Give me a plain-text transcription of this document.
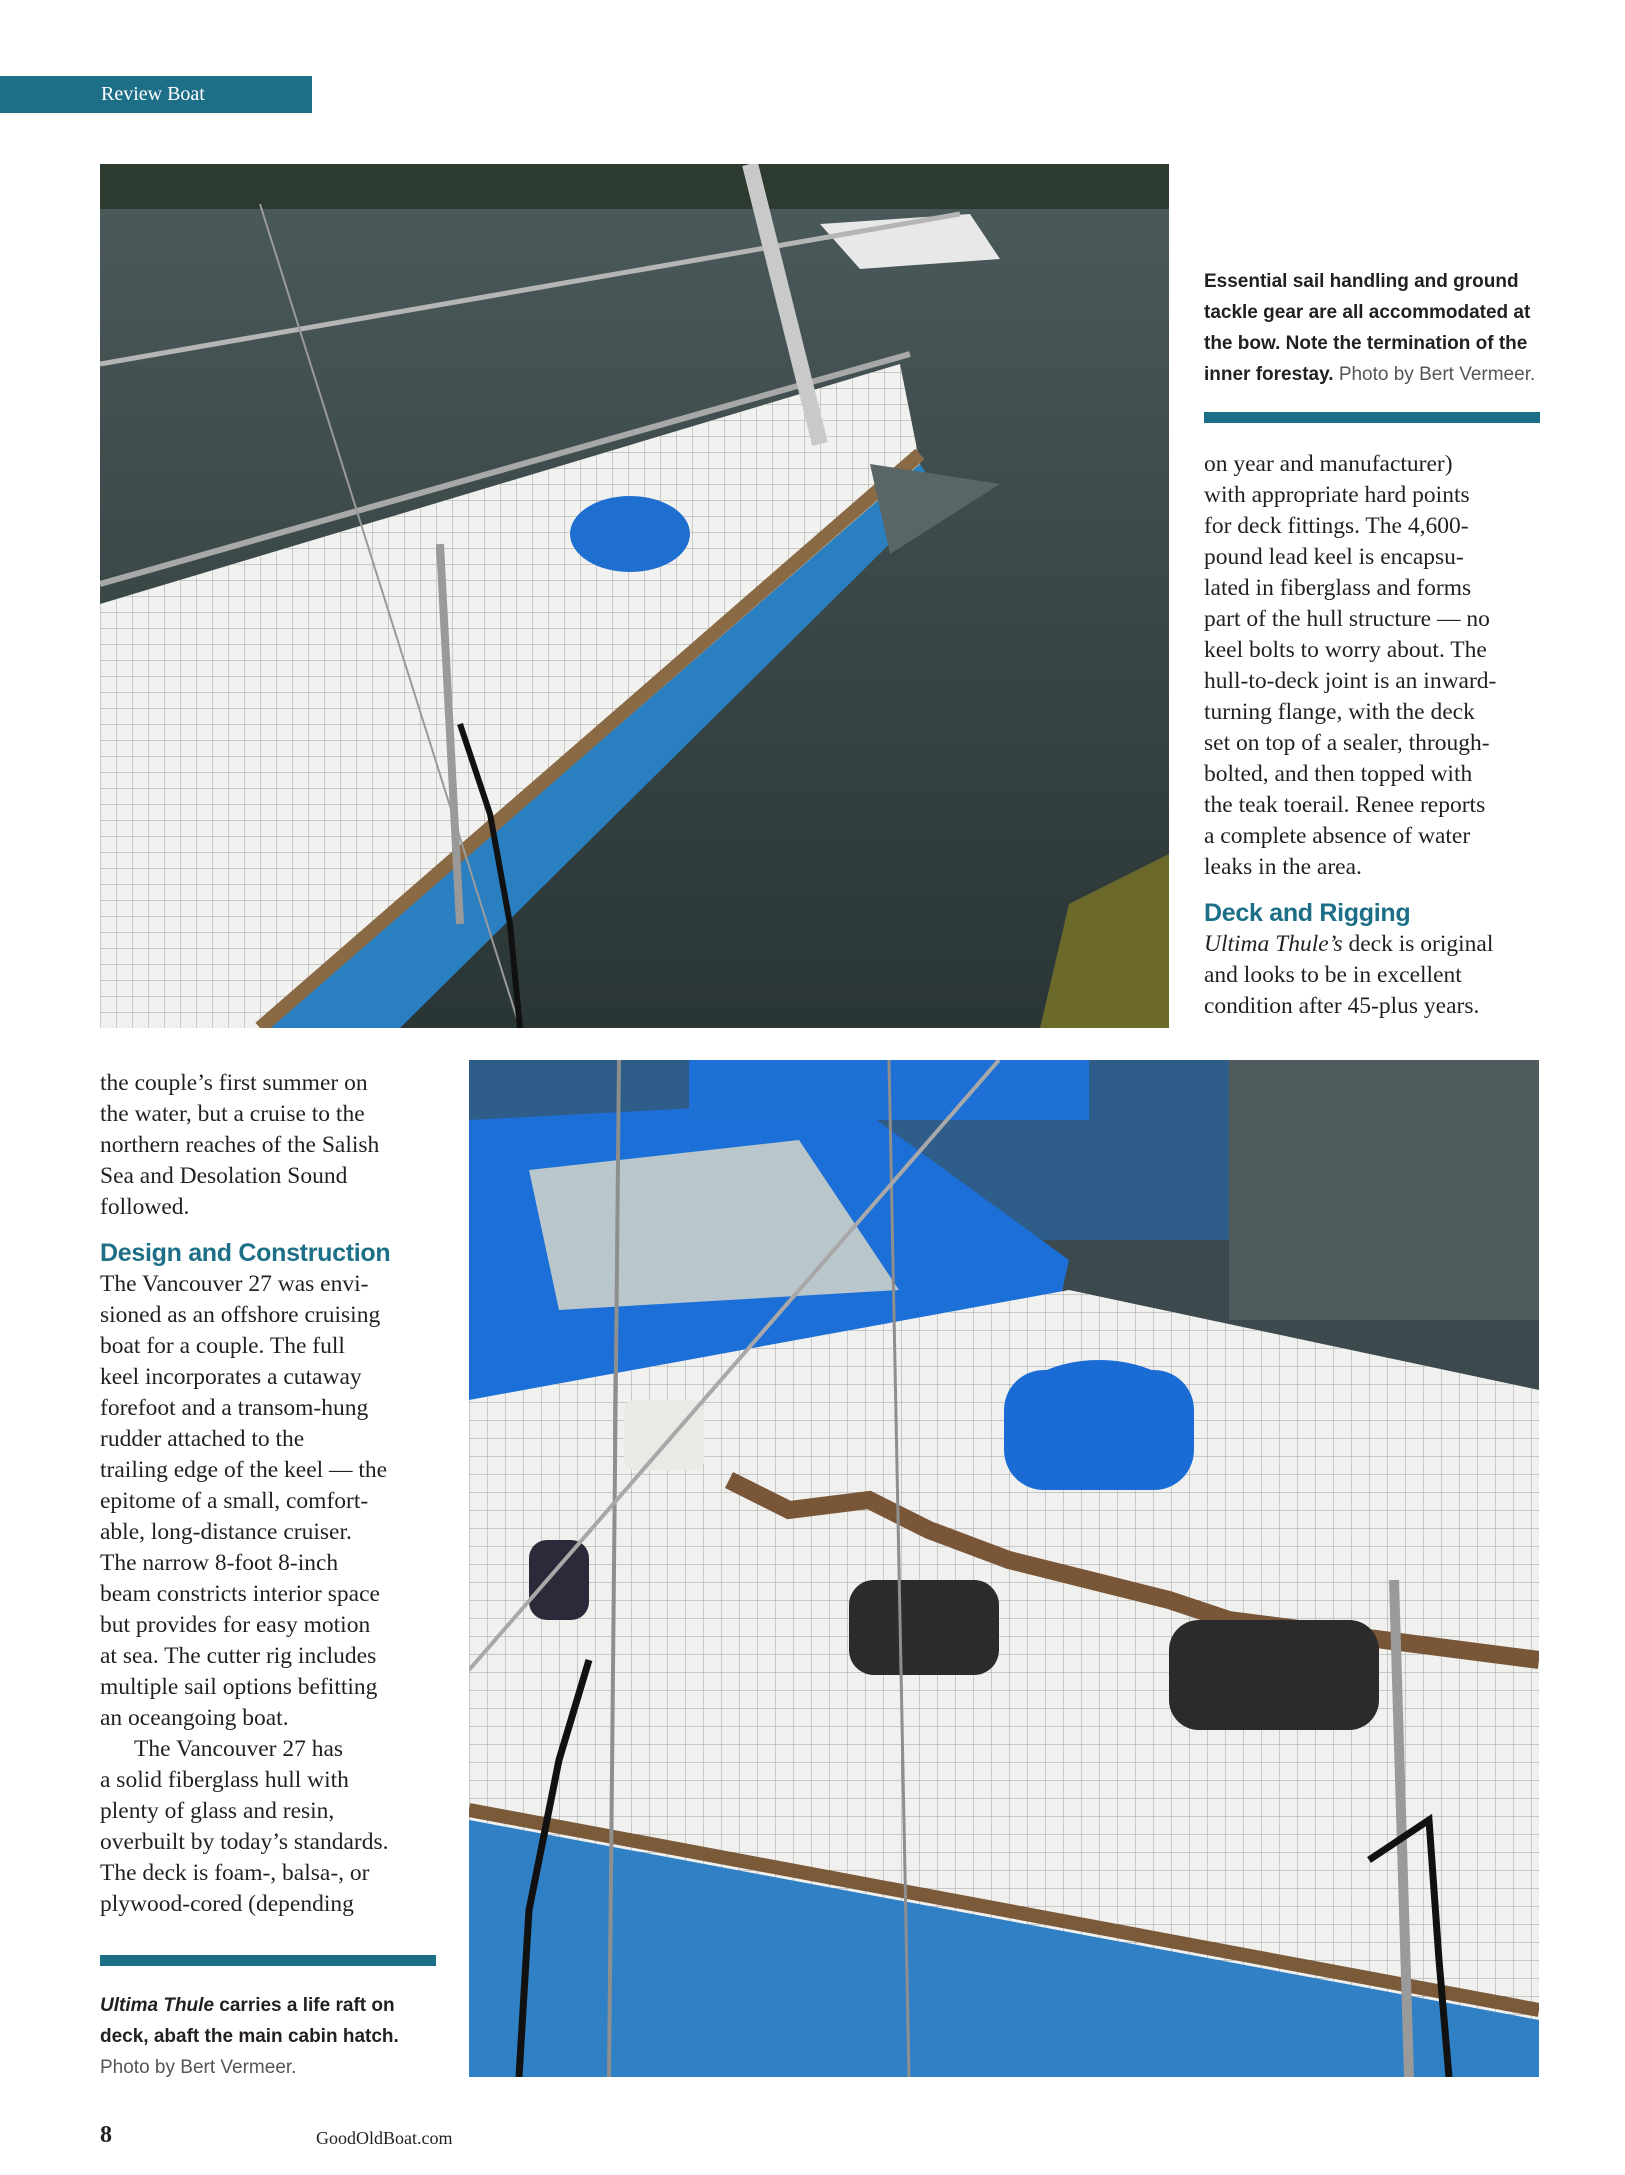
Review Boat
Essential sail handling and ground tackle gear are all accommodated at the bow. Note the termination of the inner forestay. Photo by Bert Vermeer.

on year and manufacturer)
with appropriate hard points
for deck fittings. The 4,600-
pound lead keel is encapsu-
lated in fiberglass and forms
part of the hull structure — no
keel bolts to worry about. The
hull-to-deck joint is an inward-
turning flange, with the deck
set on top of a sealer, through-
bolted, and then topped with
the teak toerail. Renee reports
a complete absence of water
leaks in the area.

Deck and Rigging

Ultima Thule’s deck is original
and looks to be in excellent
condition after 45-plus years.

the couple’s first summer on
the water, but a cruise to the
northern reaches of the Salish
Sea and Desolation Sound
followed.

Design and Construction

The Vancouver 27 was envi-
sioned as an offshore cruising
boat for a couple. The full
keel incorporates a cutaway
forefoot and a transom-hung
rudder attached to the
trailing edge of the keel — the
epitome of a small, comfort-
able, long-distance cruiser.
The narrow 8-foot 8-inch
beam constricts interior space
but provides for easy motion
at sea. The cutter rig includes
multiple sail options befitting
an oceangoing boat.

The Vancouver 27 has
a solid fiberglass hull with
plenty of glass and resin,
overbuilt by today’s standards.
The deck is foam-, balsa-, or
plywood-cored (depending

Ultima Thule carries a life raft on deck, abaft the main cabin hatch. Photo by Bert Vermeer.
8	GoodOldBoat.com
